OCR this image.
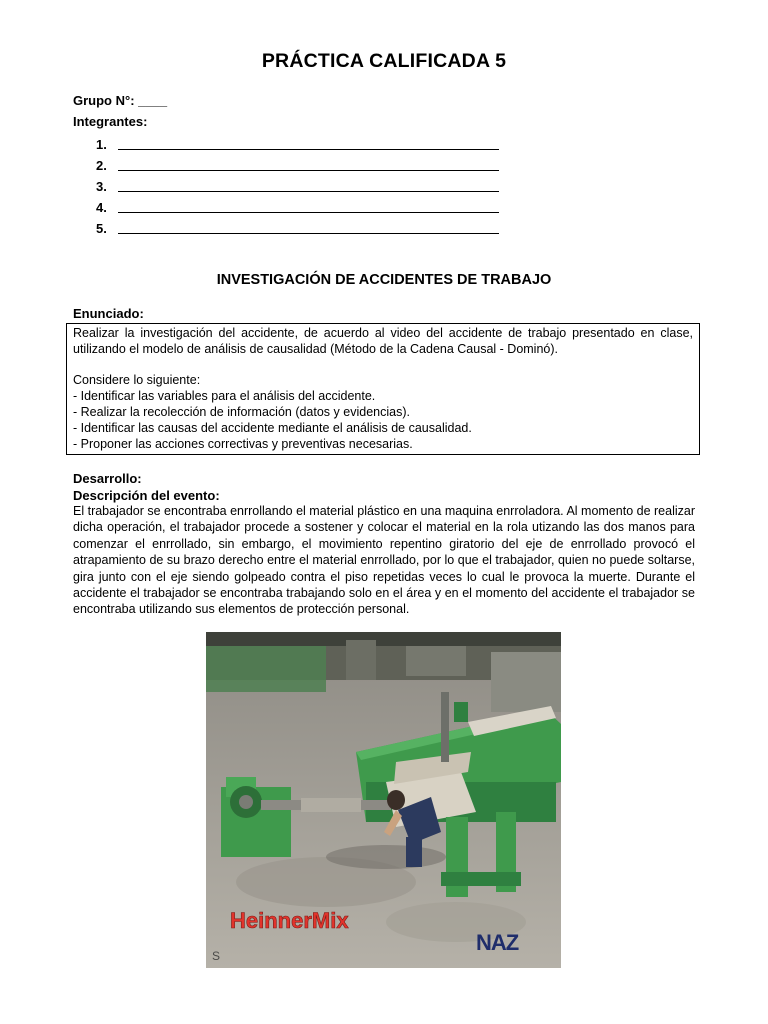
PRÁCTICA CALIFICADA 5
Grupo N°: ____
Integrantes:
1.
2.
3.
4.
5.
INVESTIGACIÓN DE ACCIDENTES DE TRABAJO
Enunciado:

Realizar la investigación del accidente, de acuerdo al video del accidente de trabajo presentado en clase, utilizando el modelo de análisis de causalidad (Método de la Cadena Causal - Dominó).

Considere lo siguiente:

- Identificar las variables para el análisis del accidente.

- Realizar la recolección de información (datos y evidencias).

- Identificar las causas del accidente mediante el análisis de causalidad.

- Proponer las acciones correctivas y preventivas necesarias.

Desarrollo:
Descripción del evento:
El trabajador se encontraba enrrollando el material plástico en una maquina enrroladora. Al momento de realizar dicha operación, el trabajador procede a sostener y colocar el material en la rola utizando las dos manos para comenzar el enrrollado, sin embargo, el movimiento repentino giratorio del eje de enrrollado provocó el atrapamiento de su brazo derecho entre el material enrrollado, por lo que el trabajador, quien no puede soltarse, gira junto con el eje siendo golpeado contra el piso repetidas veces lo cual le provoca la muerte. Durante el accidente el trabajador se encontraba trabajando solo en el área y en el momento del accidente el trabajador se encontraba utilizando sus elementos de protección personal.
HeinnerMix
NAZ
S
